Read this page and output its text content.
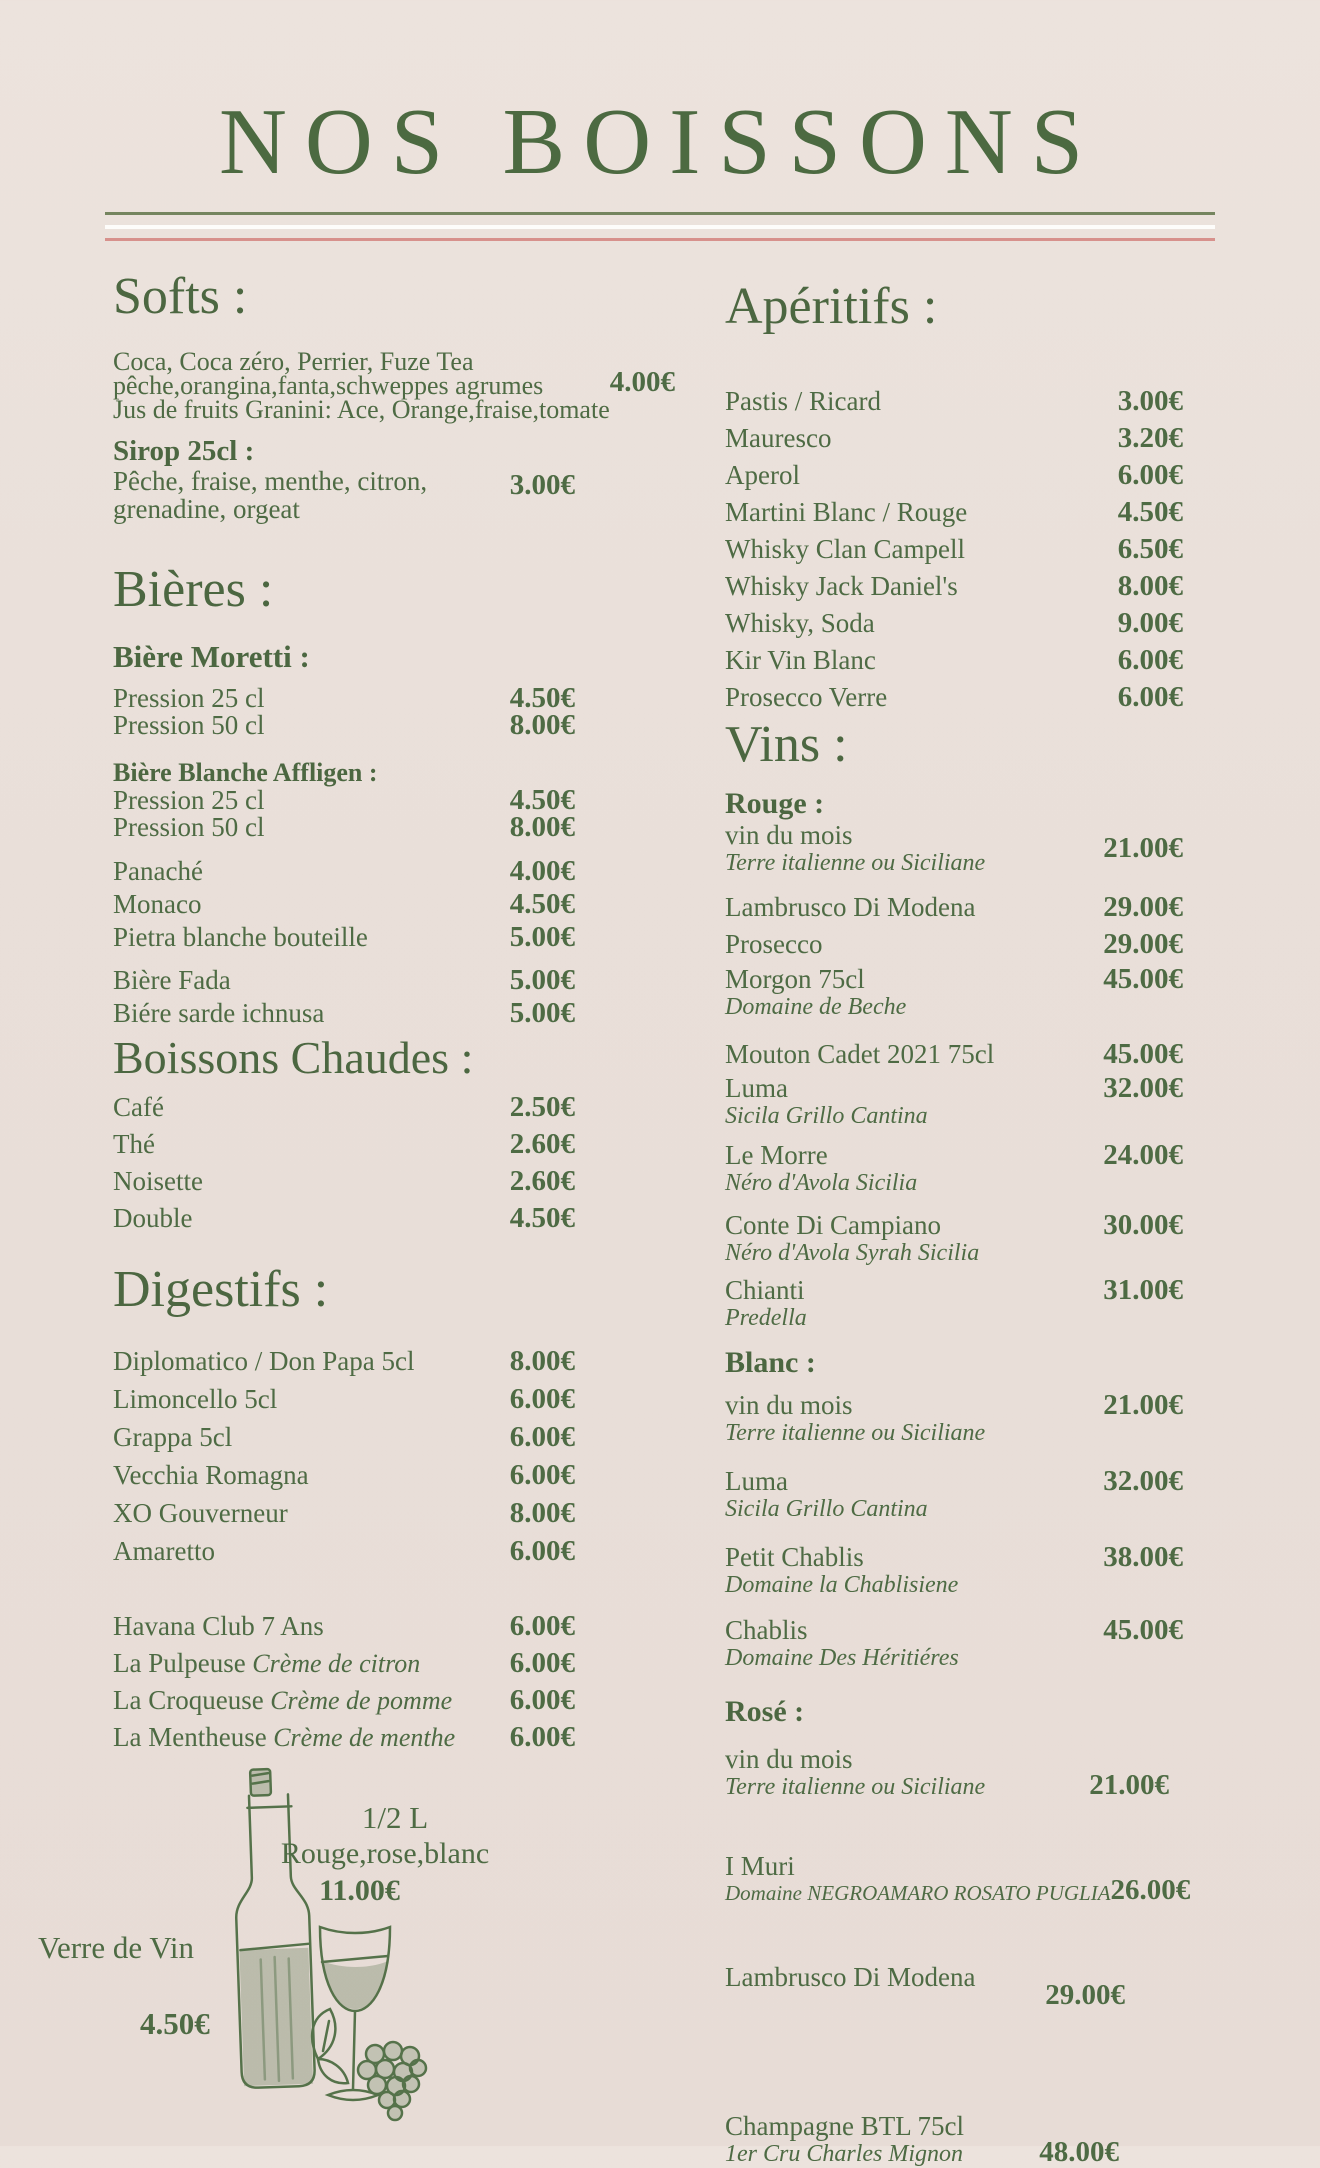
NOS BOISSONS
Softs :
Coca, Coca zéro, Perrier, Fuze Tea
pêche,orangina,fanta,schweppes agrumes
Jus de fruits Granini: Ace, Orange,fraise,tomate
4.00€
Sirop 25cl :
Pêche, fraise, menthe, citron,
grenadine, orgeat
3.00€
Bières :
Bière Moretti :
Pression 25 cl	4.50€
Pression 50 cl	8.00€
Bière Blanche Affligen :
Pression 25 cl	4.50€
Pression 50 cl	8.00€
Panaché	4.00€
Monaco	4.50€
Pietra blanche bouteille	5.00€
Bière Fada	5.00€
Biére sarde ichnusa	5.00€
Boissons Chaudes :
Café	2.50€
Thé	2.60€
Noisette	2.60€
Double	4.50€
Digestifs :
Diplomatico / Don Papa 5cl	8.00€
Limoncello 5cl	6.00€
Grappa 5cl	6.00€
Vecchia Romagna	6.00€
XO Gouverneur	8.00€
Amaretto	6.00€
Havana Club 7 Ans	6.00€
La Pulpeuse Crème de citron	6.00€
La Croqueuse Crème de pomme 6.00€
La Mentheuse Crème de menthe 6.00€
Apéritifs :
Pastis / Ricard	3.00€
Mauresco	3.20€
Aperol	6.00€
Martini Blanc / Rouge	4.50€
Whisky Clan Campell	6.50€
Whisky Jack Daniel's	8.00€
Whisky, Soda	9.00€
Kir Vin Blanc	6.00€
Prosecco Verre	6.00€
Vins :
Rouge :
vin du mois
Terre italienne ou Siciliane	21.00€
Lambrusco Di Modena	29.00€
Prosecco	29.00€
Morgon 75cl
Domaine de Beche
45.00€
Mouton Cadet 2021 75cl	45.00€
Luma
Sicila Grillo Cantina
32.00€
Le Morre
Néro d'Avola Sicilia
24.00€
Conte Di Campiano
Néro d'Avola Syrah Sicilia
30.00€
Chianti
Predella
31.00€
Blanc :
vin du mois
Terre italienne ou Siciliane
21.00€
Luma
Sicila Grillo Cantina
32.00€
Petit Chablis
Domaine la Chablisiene
38.00€
Chablis
Domaine Des Héritiéres
45.00€
Rosé :
vin du mois
Terre italienne ou Siciliane	21.00€
I Muri
Domaine NEGROAMARO ROSATO PUGLIA 26.00€
Lambrusco Di Modena
29.00€
Champagne BTL 75cl
1er Cru Charles Mignon	48.00€
1/2 L
Rouge,rose,blanc
11.00€
Verre de Vin
4.50€
